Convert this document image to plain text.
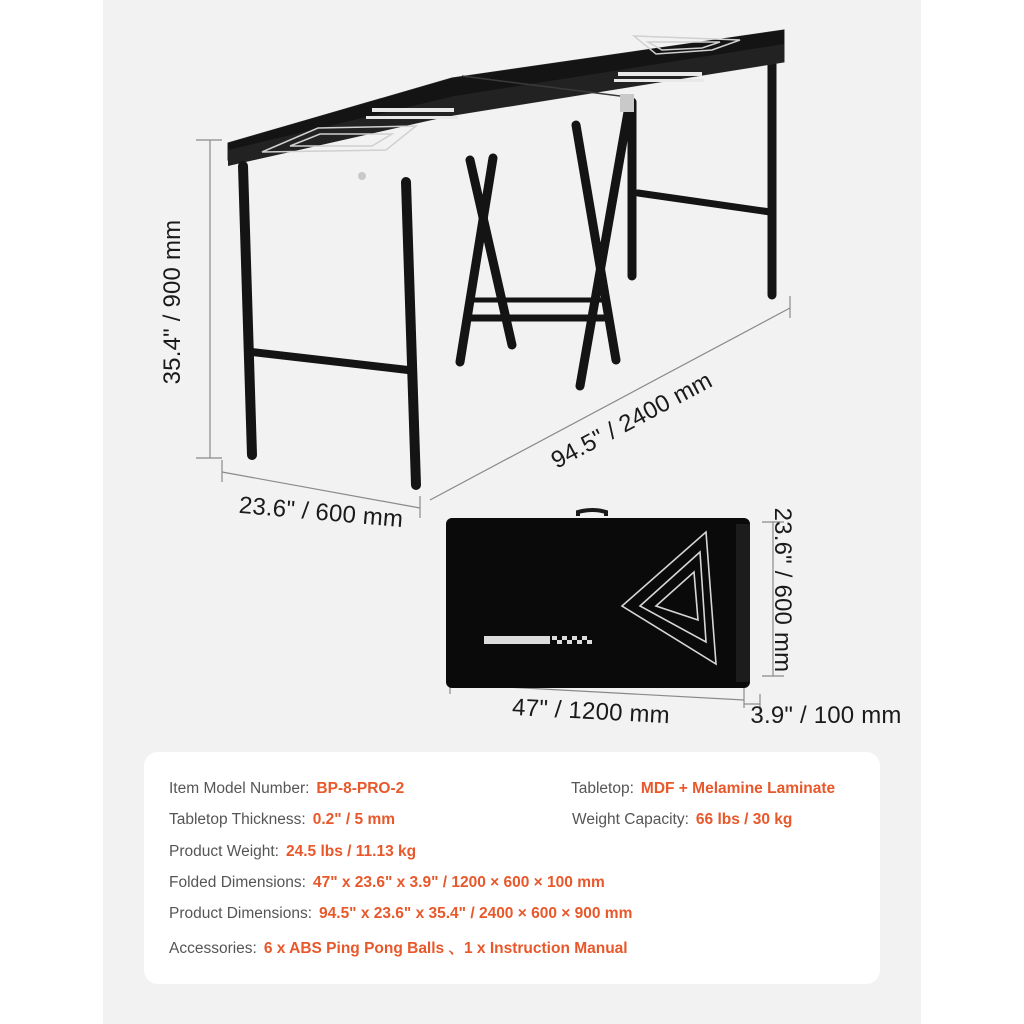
35.4" / 900 mm
94.5" / 2400 mm
23.6" / 600 mm	23.6" / 600 mm
47" / 1200 mm	3.9" / 100 mm
Item Model Number: BP-8-PRO-2	Tabletop: MDF + Melamine Laminate
Tabletop Thickness: 0.2" / 5 mm	Weight Capacity: 66 lbs / 30 kg
Product Weight: 24.5 lbs / 11.13 kg
Folded Dimensions: 47" x 23.6" x 3.9" / 1200 × 600 × 100 mm
Product Dimensions: 94.5" x 23.6" x 35.4" / 2400 × 600 × 900 mm
Accessories: 6 x ABS Ping Pong Balls 、1 x Instruction Manual
